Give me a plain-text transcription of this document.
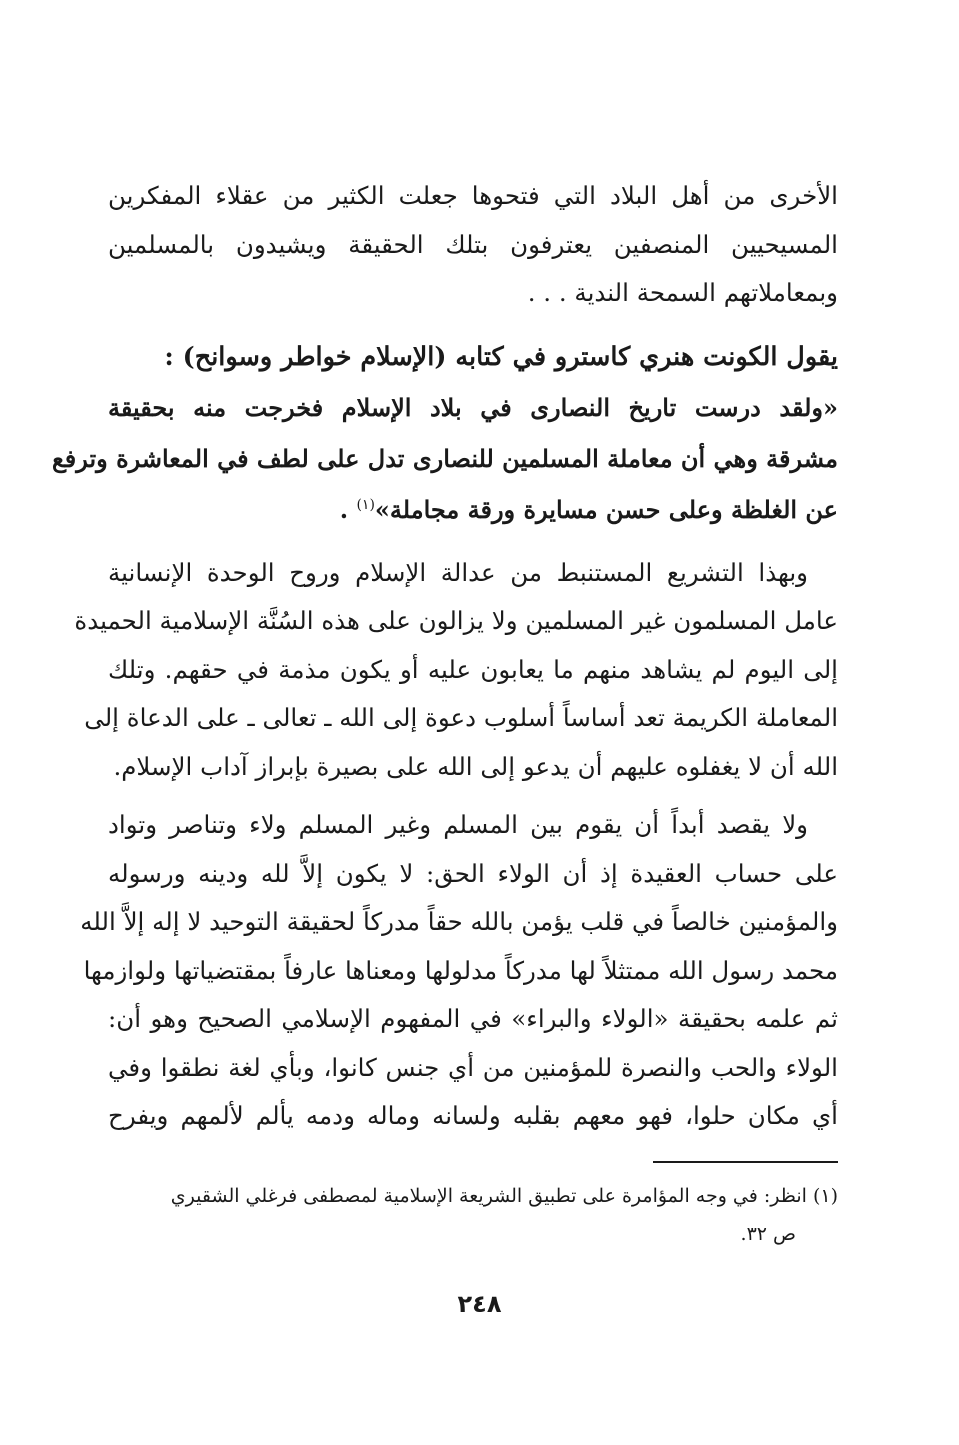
الأخرى من أهل البلاد التي فتحوها جعلت الكثير من عقلاء المفكرين
المسيحيين المنصفين يعترفون بتلك الحقيقة ويشيدون بالمسلمين
وبمعاملاتهم السمحة الندية . . .

يقول الكونت هنري كاسترو في كتابه (الإسلام خواطر وسوانح) :

«ولقد درست تاريخ النصارى في بلاد الإسلام فخرجت منه بحقيقة
مشرقة وهي أن معاملة المسلمين للنصارى تدل على لطف في المعاشرة وترفع
عن الغلظة وعلى حسن مسايرة ورقة مجاملة»$^{(١)}$ .

وبهذا التشريع المستنبط من عدالة الإسلام وروح الوحدة الإنسانية
عامل المسلمون غير المسلمين ولا يزالون على هذه السُنَّة الإسلامية الحميدة
إلى اليوم لم يشاهد منهم ما يعابون عليه أو يكون مذمة في حقهم. وتلك
المعاملة الكريمة تعد أساساً أسلوب دعوة إلى الله ـ تعالى ـ على الدعاة إلى
الله أن لا يغفلوه عليهم أن يدعو إلى الله على بصيرة بإبراز آداب الإسلام.

ولا يقصد أبداً أن يقوم بين المسلم وغير المسلم ولاء وتناصر وتواد
على حساب العقيدة إذ أن الولاء الحق: لا يكون إلاَّ لله ودينه ورسوله
والمؤمنين خالصاً في قلب يؤمن بالله حقاً مدركاً لحقيقة التوحيد لا إله إلاَّ الله
محمد رسول الله ممتثلاً لها مدركاً مدلولها ومعناها عارفاً بمقتضياتها ولوازمها
ثم علمه بحقيقة «الولاء والبراء» في المفهوم الإسلامي الصحيح وهو أن:
الولاء والحب والنصرة للمؤمنين من أي جنس كانوا، وبأي لغة نطقوا وفي
أي مكان حلوا، فهو معهم بقلبه ولسانه وماله ودمه يألم لألمهم ويفرح

(١) انظر: في وجه المؤامرة على تطبيق الشريعة الإسلامية لمصطفى فرغلي الشقيري
ص ٣٢.

٢٤٨
